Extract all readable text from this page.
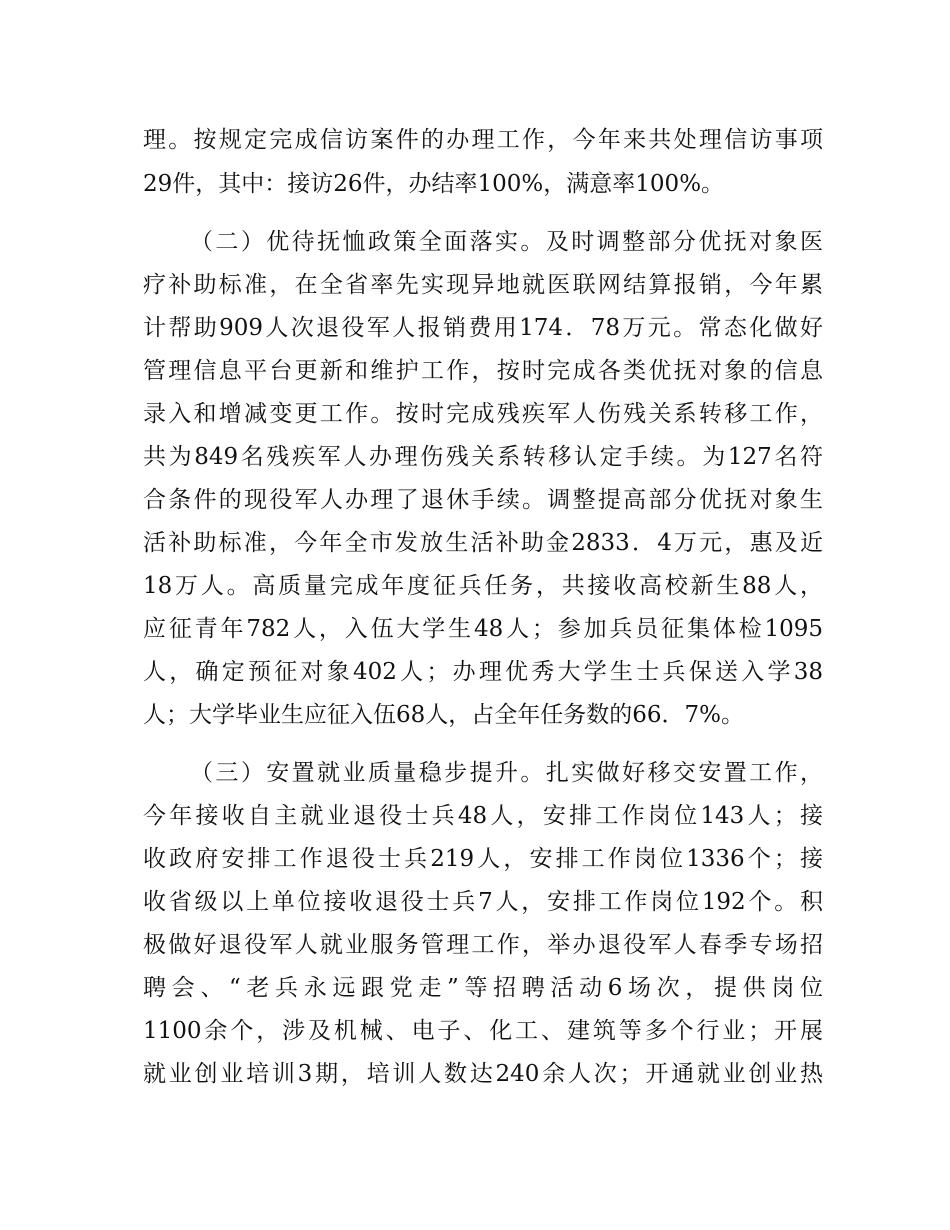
理。按规定完成信访案件的办理工作，今年来共处理信访事项
29件，其中：接访26件，办结率100%，满意率100%。
（二）优待抚恤政策全面落实。及时调整部分优抚对象医
疗补助标准，在全省率先实现异地就医联网结算报销，今年累
计帮助909人次退役军人报销费用174．78万元。常态化做好
管理信息平台更新和维护工作，按时完成各类优抚对象的信息
录入和增减变更工作。按时完成残疾军人伤残关系转移工作，
共为849名残疾军人办理伤残关系转移认定手续。为127名符
合条件的现役军人办理了退休手续。调整提高部分优抚对象生
活补助标准，今年全市发放生活补助金2833．4万元，惠及近
18万人。高质量完成年度征兵任务，共接收高校新生88人，
应征青年782人，入伍大学生48人；参加兵员征集体检1095
人，确定预征对象402人；办理优秀大学生士兵保送入学38
人；大学毕业生应征入伍68人，占全年任务数的66．7%。
（三）安置就业质量稳步提升。扎实做好移交安置工作，
今年接收自主就业退役士兵48人，安排工作岗位143人；接
收政府安排工作退役士兵219人，安排工作岗位1336个；接
收省级以上单位接收退役士兵7人，安排工作岗位192个。积
极做好退役军人就业服务管理工作，举办退役军人春季专场招
聘会、“老兵永远跟党走”等招聘活动6场次，提供岗位
1100余个，涉及机械、电子、化工、建筑等多个行业；开展
就业创业培训3期，培训人数达240余人次；开通就业创业热
